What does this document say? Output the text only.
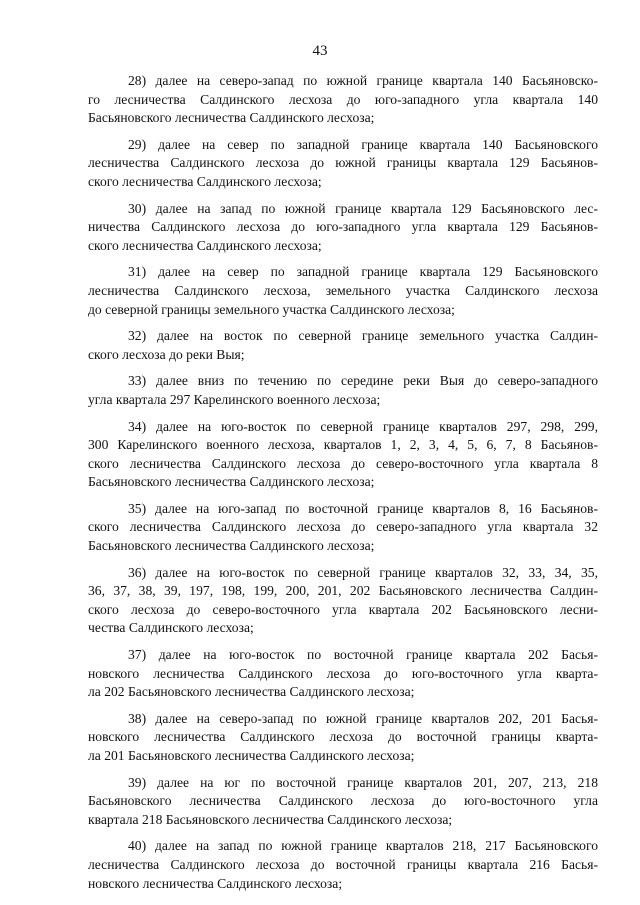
43

28) далее на северо-запад по южной границе квартала 140 Басьяновско-
го лесничества Салдинского лесхоза до юго-западного угла квартала 140
Басьяновского лесничества Салдинского лесхоза;

29) далее на север по западной границе квартала 140 Басьяновского
лесничества Салдинского лесхоза до южной границы квартала 129 Басьянов-
ского лесничества Салдинского лесхоза;

30) далее на запад по южной границе квартала 129 Басьяновского лес-
ничества Салдинского лесхоза до юго-западного угла квартала 129 Басьянов-
ского лесничества Салдинского лесхоза;

31) далее на север по западной границе квартала 129 Басьяновского
лесничества Салдинского лесхоза, земельного участка Салдинского лесхоза
до северной границы земельного участка Салдинского лесхоза;

32) далее на восток по северной границе земельного участка Салдин-
ского лесхоза до реки Выя;

33) далее вниз по течению по середине реки Выя до северо-западного
угла квартала 297 Карелинского военного лесхоза;

34) далее на юго-восток по северной границе кварталов 297, 298, 299,
300 Карелинского военного лесхоза, кварталов 1, 2, 3, 4, 5, 6, 7, 8 Басьянов-
ского лесничества Салдинского лесхоза до северо-восточного угла квартала 8
Басьяновского лесничества Салдинского лесхоза;

35) далее на юго-запад по восточной границе кварталов 8, 16 Басьянов-
ского лесничества Салдинского лесхоза до северо-западного угла квартала 32
Басьяновского лесничества Салдинского лесхоза;

36) далее на юго-восток по северной границе кварталов 32, 33, 34, 35,
36, 37, 38, 39, 197, 198, 199, 200, 201, 202 Басьяновского лесничества Салдин-
ского лесхоза до северо-восточного угла квартала 202 Басьяновского лесни-
чества Салдинского лесхоза;

37) далее на юго-восток по восточной границе квартала 202 Басья-
новского лесничества Салдинского лесхоза до юго-восточного угла кварта-
ла 202 Басьяновского лесничества Салдинского лесхоза;

38) далее на северо-запад по южной границе кварталов 202, 201 Басья-
новского лесничества Салдинского лесхоза до восточной границы кварта-
ла 201 Басьяновского лесничества Салдинского лесхоза;

39) далее на юг по восточной границе кварталов 201, 207, 213, 218
Басьяновского лесничества Салдинского лесхоза до юго-восточного угла
квартала 218 Басьяновского лесничества Салдинского лесхоза;

40) далее на запад по южной границе кварталов 218, 217 Басьяновского
лесничества Салдинского лесхоза до восточной границы квартала 216 Басья-
новского лесничества Салдинского лесхоза;
